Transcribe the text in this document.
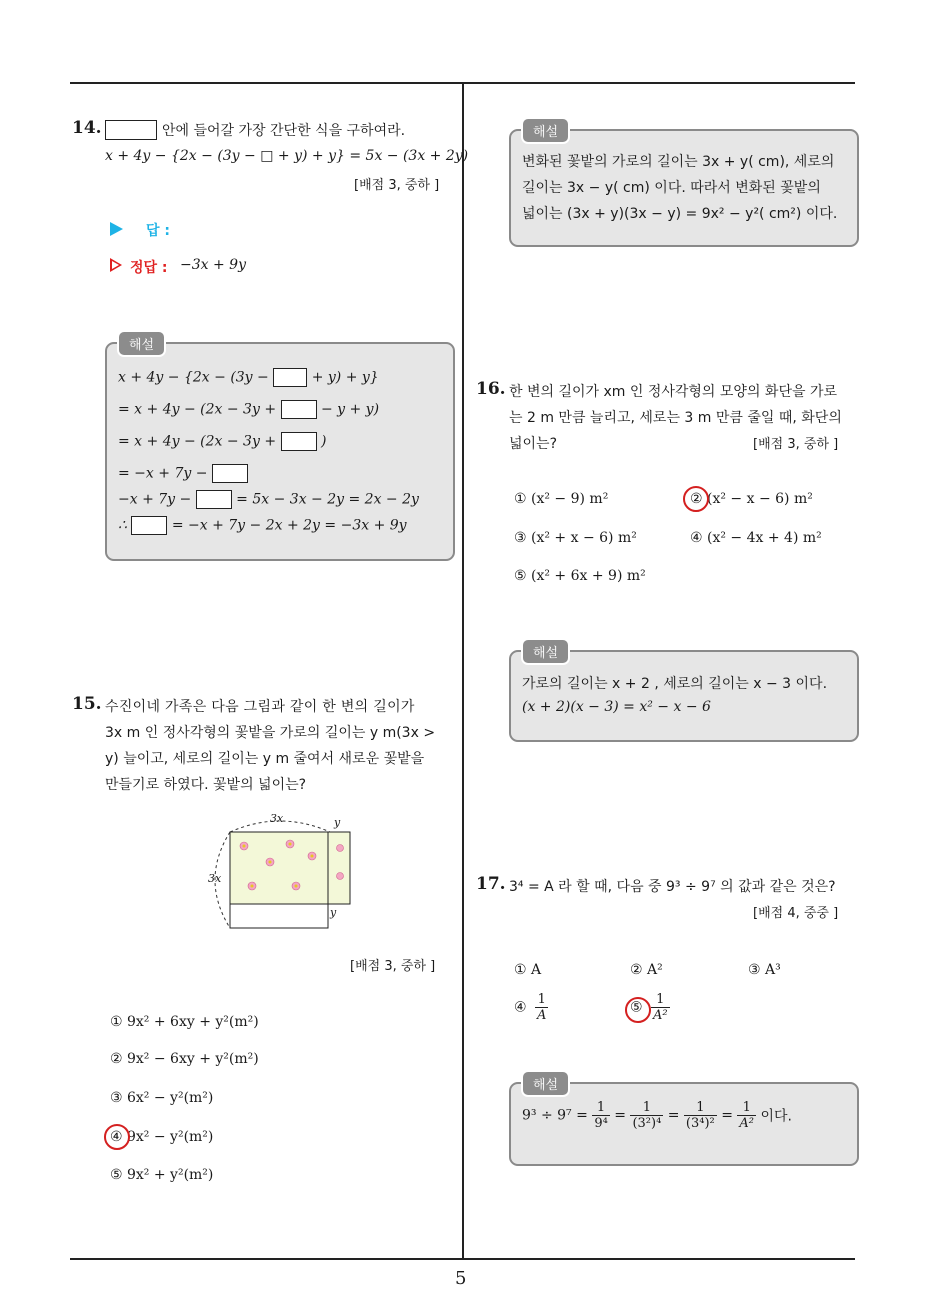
5
14.	안에 들어갈 가장 간단한 식을 구하여라.
x + 4y − {2x − (3y − □ + y) + y} = 5x − (3x + 2y)
[배점 3, 중하 ]
답 :
정답 : −3x + 9y
해설
x + 4y − {2x − (3y −	+ y) + y}
= x + 4y − (2x − 3y +	− y + y)
= x + 4y − (2x − 3y +	)
= −x + 7y −
−x + 7y −	= 5x − 3x − 2y = 2x − 2y
∴	= −x + 7y − 2x + 2y = −3x + 9y
15. 수진이네 가족은 다음 그림과 같이 한 변의 길이가
3x m 인 정사각형의 꽃밭을 가로의 길이는 y m(3x >
y) 늘이고, 세로의 길이는 y m 줄여서 새로운 꽃밭을
만들기로 하였다. 꽃밭의 넓이는?
3x
3x
y
y
[배점 3, 중하 ]
① 9x² + 6xy + y²(m²)
② 9x² − 6xy + y²(m²)
③ 6x² − y²(m²)
④ 9x² − y²(m²)
⑤ 9x² + y²(m²)
해설
변화된 꽃밭의 가로의 길이는 3x + y( cm), 세로의
길이는 3x − y( cm) 이다. 따라서 변화된 꽃밭의
넓이는 (3x + y)(3x − y) = 9x² − y²( cm²) 이다.
16. 한 변의 길이가 xm 인 정사각형의 모양의 화단을 가로
는 2 m 만큼 늘리고, 세로는 3 m 만큼 줄일 때, 화단의
넓이는?	[배점 3, 중하 ]
① (x² − 9) m²	② (x² − x − 6) m²
③ (x² + x − 6) m²	④ (x² − 4x + 4) m²
⑤ (x² + 6x + 9) m²
해설
가로의 길이는 x + 2 , 세로의 길이는 x − 3 이다.
(x + 2)(x − 3) = x² − x − 6
17. 3⁴ = A 라 할 때, 다음 중 9³ ÷ 9⁷ 의 값과 같은 것은?
[배점 4, 중중 ]
① A	② A²	③ A³
④ $\frac{1}{A}$	⑤ $\frac{1}{\text{A²}}$
해설
$9^3 \div 9^7 = \frac{1}{\text{9⁴}} = \frac{1}{\text{(3²)⁴}} = \frac{1}{\text{(3⁴)²}} = \frac{1}{\text{A²}}$ 이다.
